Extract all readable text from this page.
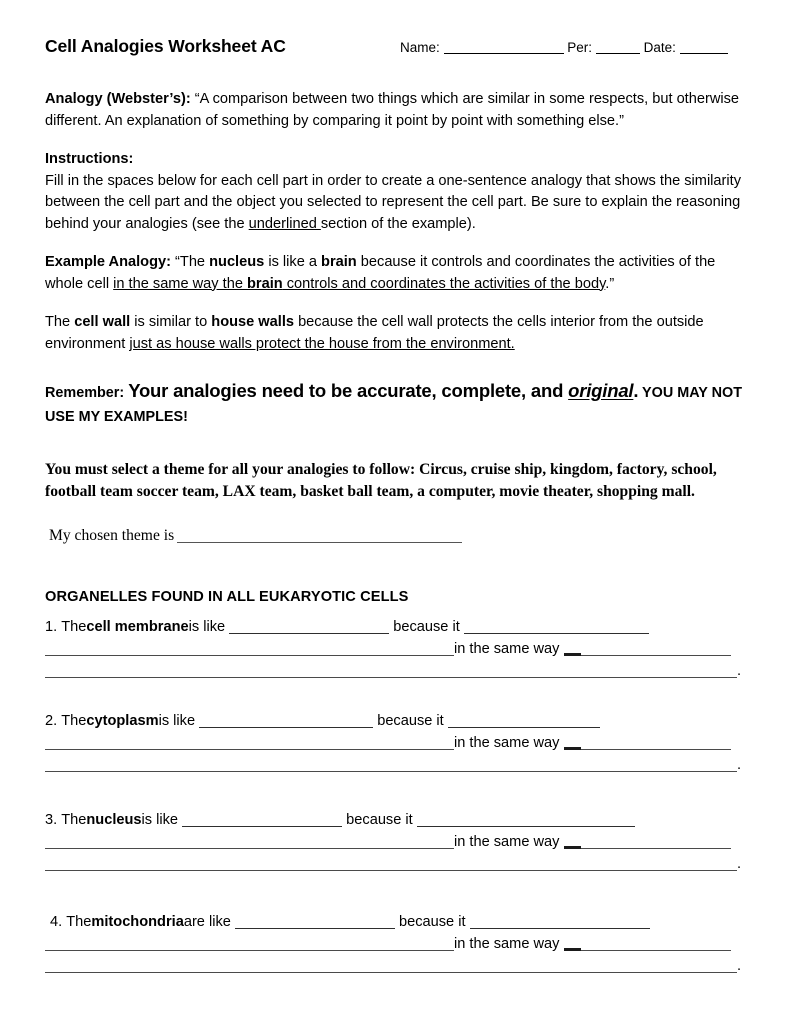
Cell Analogies Worksheet AC	Name:	Per:	Date:

Analogy (Webster’s): “A comparison between two things which are similar in some respects, but otherwise different. An explanation of something by comparing it point by point with something else.”

Instructions:

Fill in the spaces below for each cell part in order to create a one-sentence analogy that shows the similarity between the cell part and the object you selected to represent the cell part. Be sure to explain the reasoning behind your analogies (see the underlined section of the example).

Example Analogy: “The nucleus is like a brain because it controls and coordinates the activities of the whole cell in the same way the brain controls and coordinates the activities of the body.”

The cell wall is similar to house walls because the cell wall protects the cells interior from the outside environment just as house walls protect the house from the environment.

Remember: Your analogies need to be accurate, complete, and original. YOU MAY NOT USE MY EXAMPLES!

You must select a theme for all your analogies to follow: Circus, cruise ship, kingdom, factory, school, football team soccer team, LAX team, basket ball team, a computer, movie theater, shopping mall.

My chosen theme is

ORGANELLES FOUND IN ALL EUKARYOTIC CELLS

1. Thecell membraneis like	because it
in the same way
.
2. Thecytoplasmis like	because it
in the same way
.
3. Thenucleusis like	because it
in the same way
.
4. Themitochondriaare like	because it
in the same way
.
